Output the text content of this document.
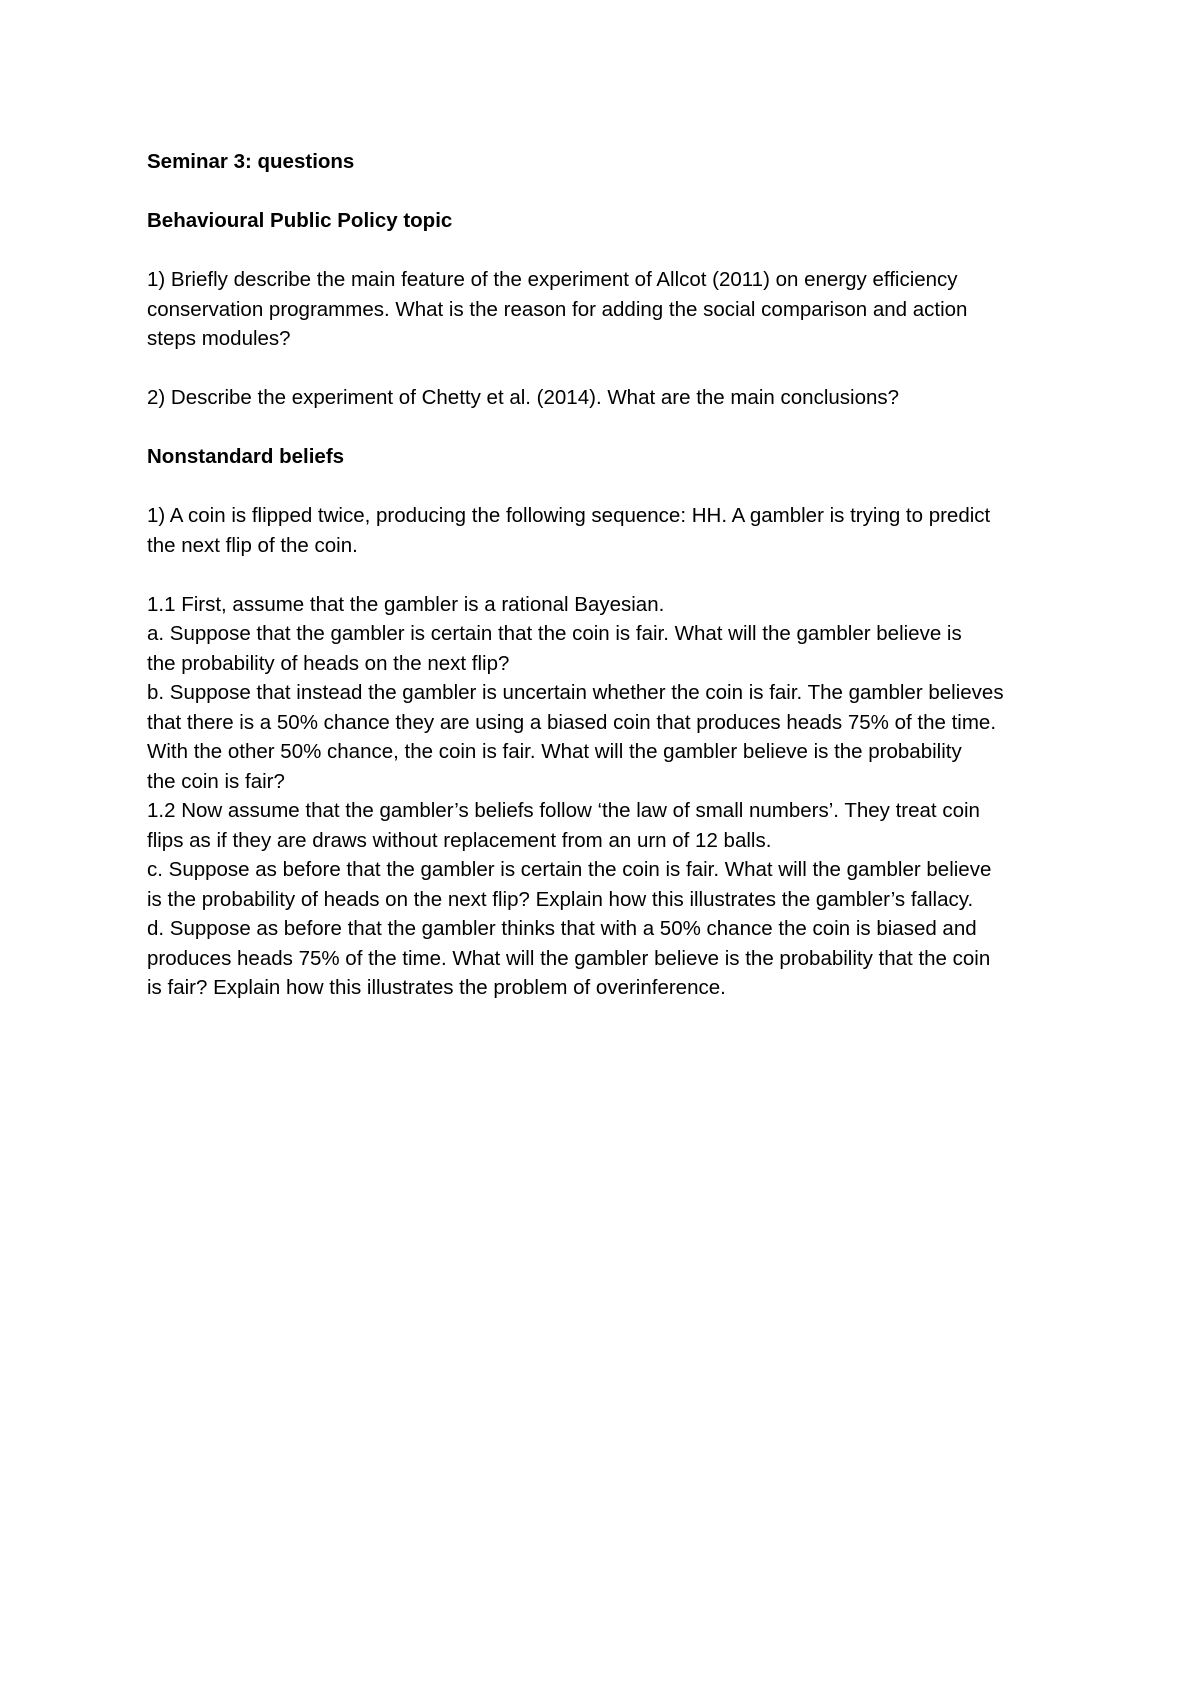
Seminar 3: questions

Behavioural Public Policy topic

1) Briefly describe the main feature of the experiment of Allcot (2011) on energy efficiency

conservation programmes. What is the reason for adding the social comparison and action

steps modules?

2) Describe the experiment of Chetty et al. (2014). What are the main conclusions?

Nonstandard beliefs

1) A coin is flipped twice, producing the following sequence: HH. A gambler is trying to predict

the next flip of the coin.

1.1 First, assume that the gambler is a rational Bayesian.

a. Suppose that the gambler is certain that the coin is fair. What will the gambler believe is

the probability of heads on the next flip?

b. Suppose that instead the gambler is uncertain whether the coin is fair. The gambler believes

that there is a 50% chance they are using a biased coin that produces heads 75% of the time.

With the other 50% chance, the coin is fair. What will the gambler believe is the probability

the coin is fair?

1.2 Now assume that the gambler’s beliefs follow ‘the law of small numbers’. They treat coin

flips as if they are draws without replacement from an urn of 12 balls.

c. Suppose as before that the gambler is certain the coin is fair. What will the gambler believe

is the probability of heads on the next flip? Explain how this illustrates the gambler’s fallacy.

d. Suppose as before that the gambler thinks that with a 50% chance the coin is biased and

produces heads 75% of the time. What will the gambler believe is the probability that the coin

is fair? Explain how this illustrates the problem of overinference.
